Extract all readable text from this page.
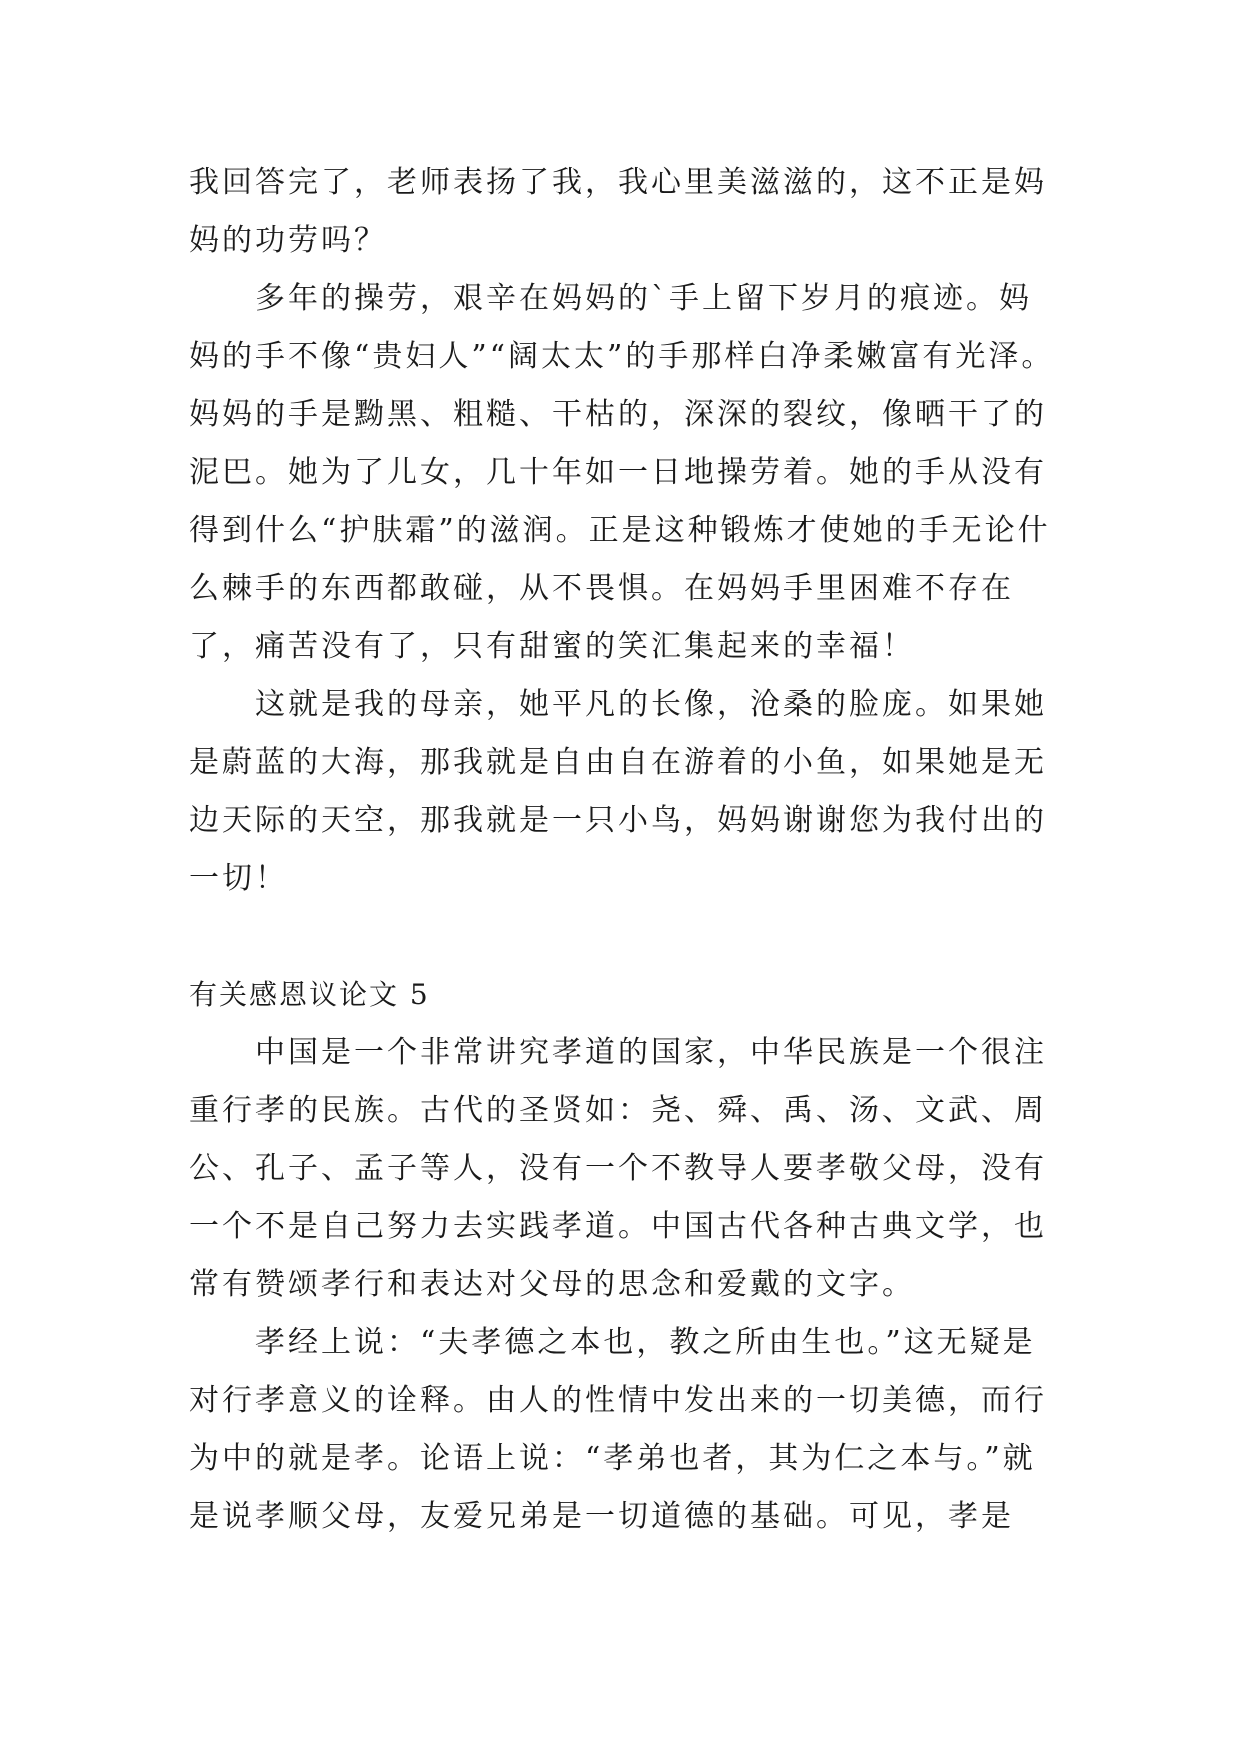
我回答完了，老师表扬了我，我心里美滋滋的，这不正是妈妈的功劳吗？

多年的操劳，艰辛在妈妈的`手上留下岁月的痕迹。妈妈的手不像“贵妇人”“阔太太”的手那样白净柔嫩富有光泽。妈妈的手是黝黑、粗糙、干枯的，深深的裂纹，像晒干了的泥巴。她为了儿女，几十年如一日地操劳着。她的手从没有得到什么“护肤霜”的滋润。正是这种锻炼才使她的手无论什么棘手的东西都敢碰，从不畏惧。在妈妈手里困难不存在了，痛苦没有了，只有甜蜜的笑汇集起来的幸福！

这就是我的母亲，她平凡的长像，沧桑的脸庞。如果她是蔚蓝的大海，那我就是自由自在游着的小鱼，如果她是无边天际的天空，那我就是一只小鸟，妈妈谢谢您为我付出的一切！

有关感恩议论文 5

中国是一个非常讲究孝道的国家，中华民族是一个很注重行孝的民族。古代的圣贤如：尧、舜、禹、汤、文武、周公、孔子、孟子等人，没有一个不教导人要孝敬父母，没有一个不是自己努力去实践孝道。中国古代各种古典文学，也常有赞颂孝行和表达对父母的思念和爱戴的文字。

孝经上说：“夫孝德之本也，教之所由生也。”这无疑是对行孝意义的诠释。由人的性情中发出来的一切美德，而行为中的就是孝。论语上说：“孝弟也者，其为仁之本与。”就是说孝顺父母，友爱兄弟是一切道德的基础。可见，孝是
